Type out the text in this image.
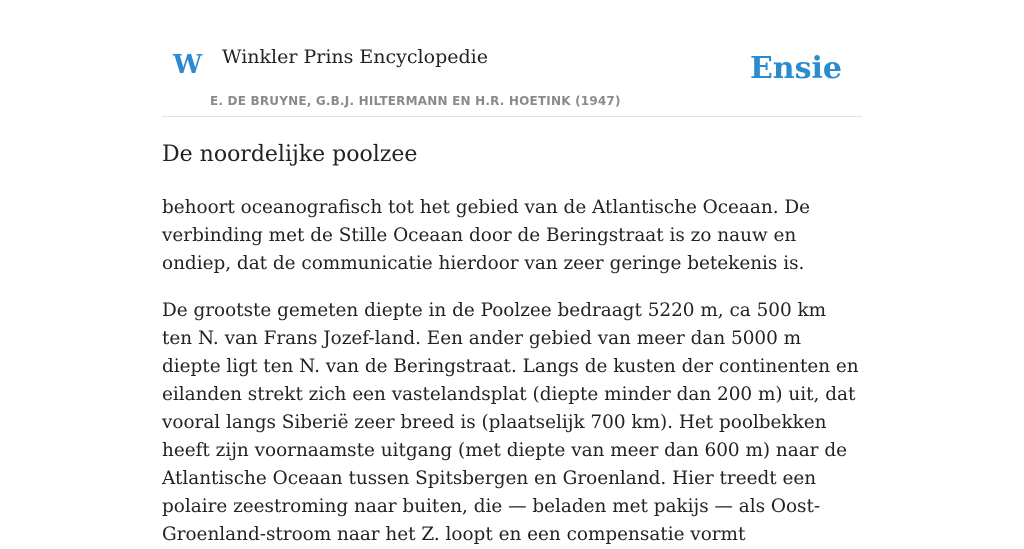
W Winkler Prins Encyclopedie	Ensie
E. DE BRUYNE, G.B.J. HILTERMANN EN H.R. HOETINK (1947)
De noordelijke poolzee

behoort oceanografisch tot het gebied van de Atlantische Oceaan. De verbinding met de Stille Oceaan door de Beringstraat is zo nauw en ondiep, dat de communicatie hierdoor van zeer geringe betekenis is.

De grootste gemeten diepte in de Poolzee bedraagt 5220 m, ca 500 km ten N. van Frans Jozef-land. Een ander gebied van meer dan 5000 m diepte ligt ten N. van de Beringstraat. Langs de kusten der continenten en eilanden strekt zich een vastelandsplat (diepte minder dan 200 m) uit, dat vooral langs Siberië zeer breed is (plaatselijk 700 km). Het poolbekken heeft zijn voornaamste uitgang (met diepte van meer dan 600 m) naar de Atlantische Oceaan tussen Spitsbergen en Groenland. Hier treedt een polaire zeestroming naar buiten, die — beladen met pakijs — als Oost-Groenland-stroom naar het Z. loopt en een compensatie vormt
